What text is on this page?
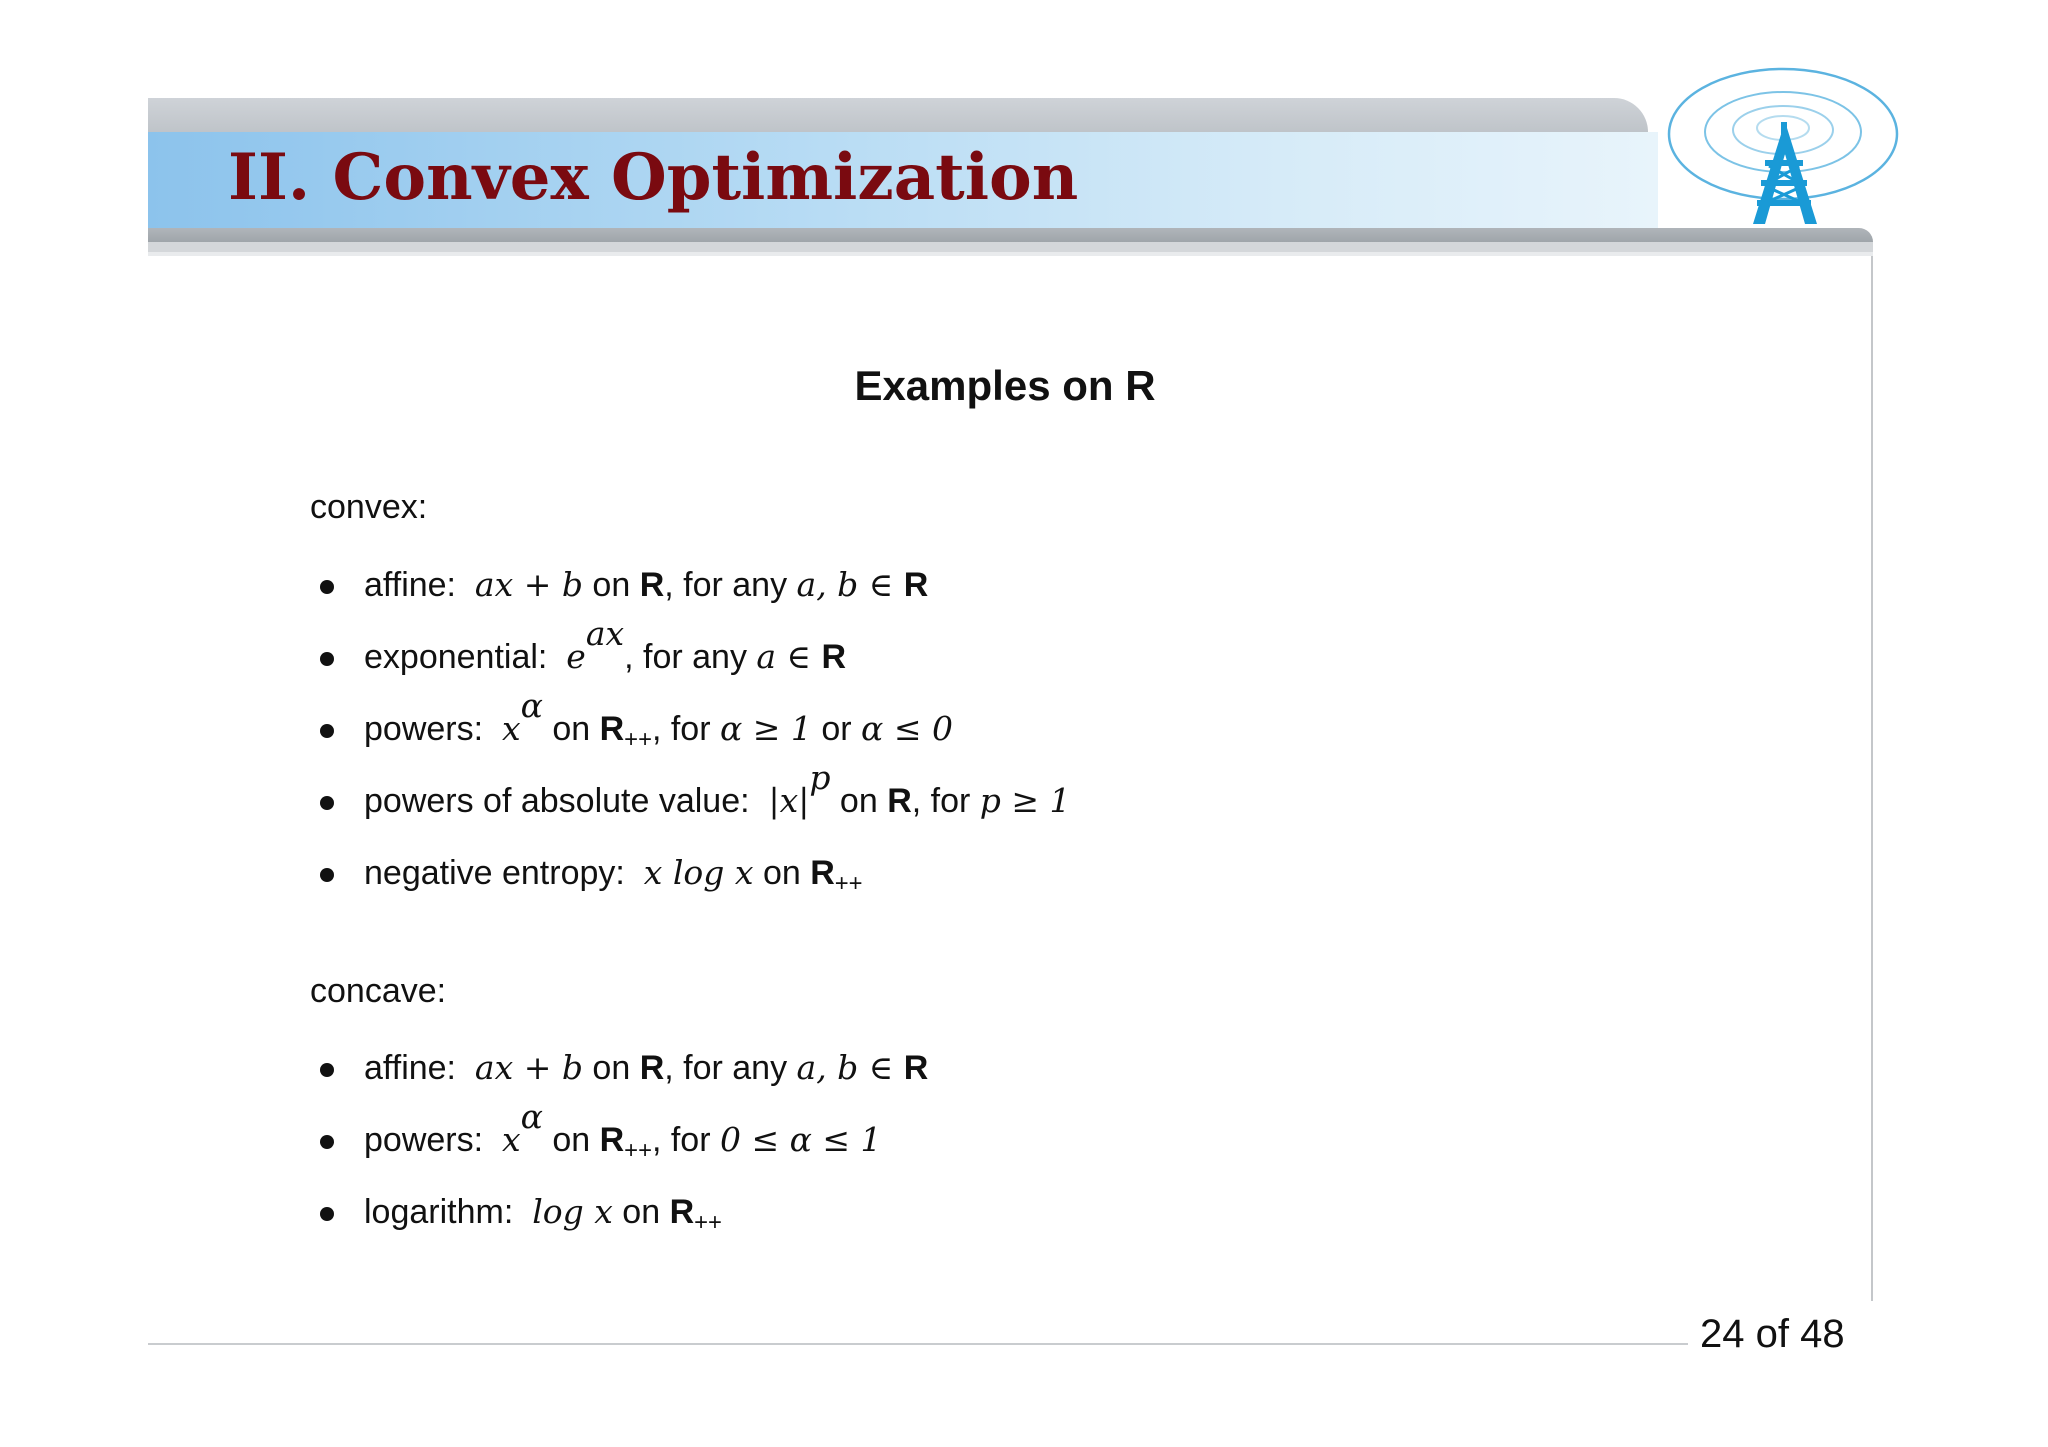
II. Convex Optimization
Examples on R
convex:
affine: ax + b on R, for any a, b ∈ R
exponential: $e^{ax}$, for any a ∈ R
powers: $x^\alpha$ on $R_{++}$, for α ≥ 1 or α ≤ 0
powers of absolute value: $|x|^p$ on R, for p ≥ 1
negative entropy: x log x on $R_{++}$
concave:
affine: ax + b on R, for any a, b ∈ R
powers: $x^\alpha$ on $R_{++}$, for 0 ≤ α ≤ 1
logarithm: log x on $R_{++}$
24 of 48
